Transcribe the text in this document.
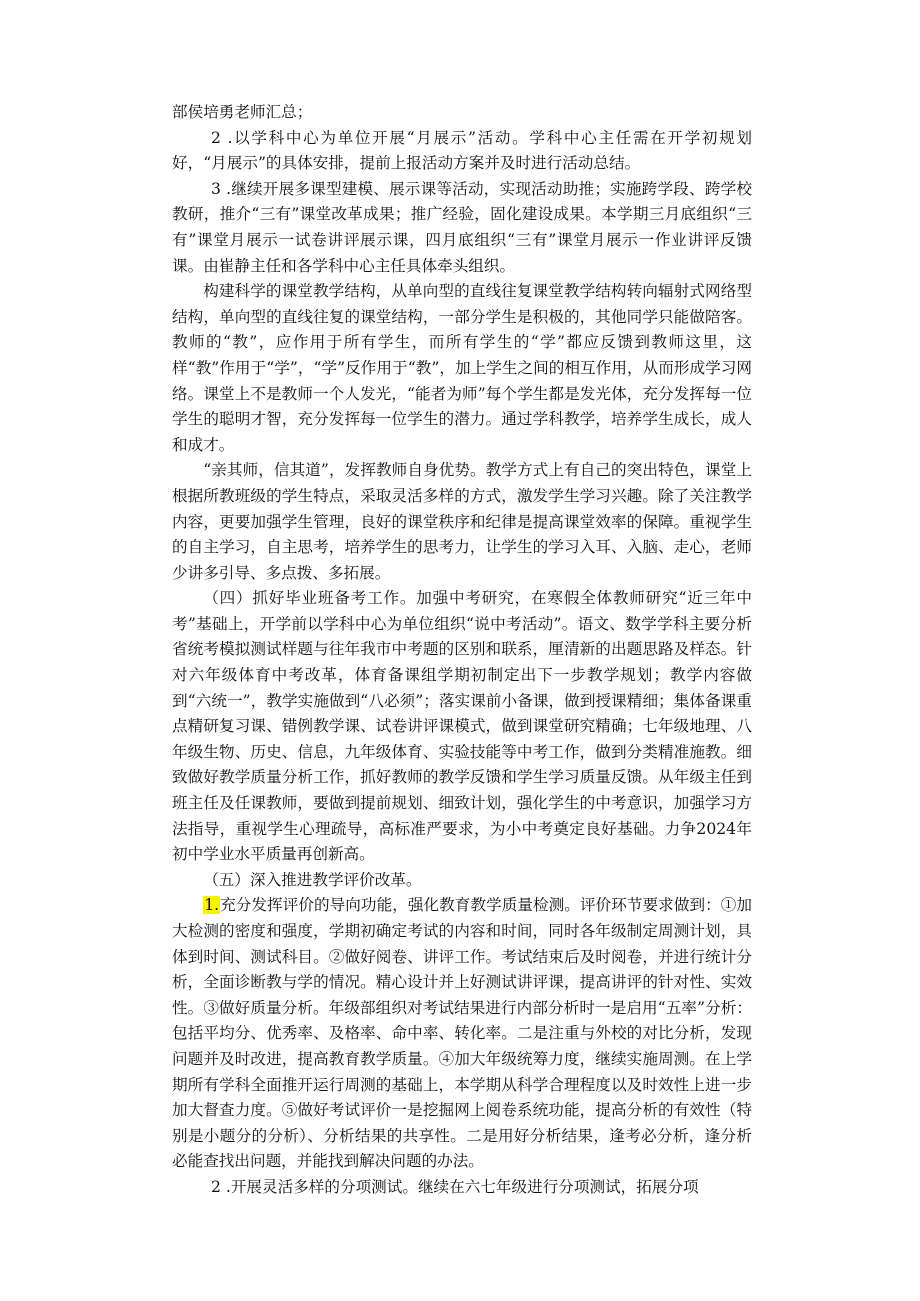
部侯培勇老师汇总；

2 .以学科中心为单位开展“月展示”活动。学科中心主任需在开学初规划好，“月展示”的具体安排，提前上报活动方案并及时进行活动总结。

3 .继续开展多课型建模、展示课等活动，实现活动助推；实施跨学段、跨学校教研，推介“三有”课堂改革成果；推广经验，固化建设成果。本学期三月底组织“三有”课堂月展示一试卷讲评展示课，四月底组织“三有”课堂月展示一作业讲评反馈课。由崔静主任和各学科中心主任具体牵头组织。

构建科学的课堂教学结构，从单向型的直线往复课堂教学结构转向辐射式网络型结构，单向型的直线往复的课堂结构，一部分学生是积极的，其他同学只能做陪客。教师的“教”，应作用于所有学生，而所有学生的“学”都应反馈到教师这里，这样“教”作用于“学”，“学”反作用于“教”，加上学生之间的相互作用，从而形成学习网络。课堂上不是教师一个人发光，“能者为师”每个学生都是发光体，充分发挥每一位学生的聪明才智，充分发挥每一位学生的潜力。通过学科教学，培养学生成长，成人和成才。

“亲其师，信其道”，发挥教师自身优势。教学方式上有自己的突出特色，课堂上根据所教班级的学生特点，采取灵活多样的方式，激发学生学习兴趣。除了关注教学内容，更要加强学生管理，良好的课堂秩序和纪律是提高课堂效率的保障。重视学生的自主学习，自主思考，培养学生的思考力，让学生的学习入耳、入脑、走心，老师少讲多引导、多点拨、多拓展。

（四）抓好毕业班备考工作。加强中考研究，在寒假全体教师研究“近三年中考”基础上，开学前以学科中心为单位组织“说中考活动”。语文、数学学科主要分析省统考模拟测试样题与往年我市中考题的区别和联系，厘清新的出题思路及样态。针对六年级体育中考改革，体育备课组学期初制定出下一步教学规划；教学内容做到“六统一”，教学实施做到“八必须”；落实课前小备课，做到授课精细；集体备课重点精研复习课、错例教学课、试卷讲评课模式，做到课堂研究精确；七年级地理、八年级生物、历史、信息，九年级体育、实验技能等中考工作，做到分类精准施教。细致做好教学质量分析工作，抓好教师的教学反馈和学生学习质量反馈。从年级主任到班主任及任课教师，要做到提前规划、细致计划，强化学生的中考意识，加强学习方法指导，重视学生心理疏导，高标准严要求，为小中考奠定良好基础。力争2024年初中学业水平质量再创新高。

（五）深入推进教学评价改革。

1.充分发挥评价的导向功能，强化教育教学质量检测。评价环节要求做到：①加大检测的密度和强度，学期初确定考试的内容和时间，同时各年级制定周测计划，具体到时间、测试科目。②做好阅卷、讲评工作。考试结束后及时阅卷，并进行统计分析，全面诊断教与学的情况。精心设计并上好测试讲评课，提高讲评的针对性、实效性。③做好质量分析。年级部组织对考试结果进行内部分析时一是启用“五率”分析：包括平均分、优秀率、及格率、命中率、转化率。二是注重与外校的对比分析，发现问题并及时改进，提高教育教学质量。④加大年级统筹力度，继续实施周测。在上学期所有学科全面推开运行周测的基础上，本学期从科学合理程度以及时效性上进一步加大督查力度。⑤做好考试评价一是挖掘网上阅卷系统功能，提高分析的有效性（特别是小题分的分析）、分析结果的共享性。二是用好分析结果，逢考必分析，逢分析必能查找出问题，并能找到解决问题的办法。

2 .开展灵活多样的分项测试。继续在六七年级进行分项测试，拓展分项
